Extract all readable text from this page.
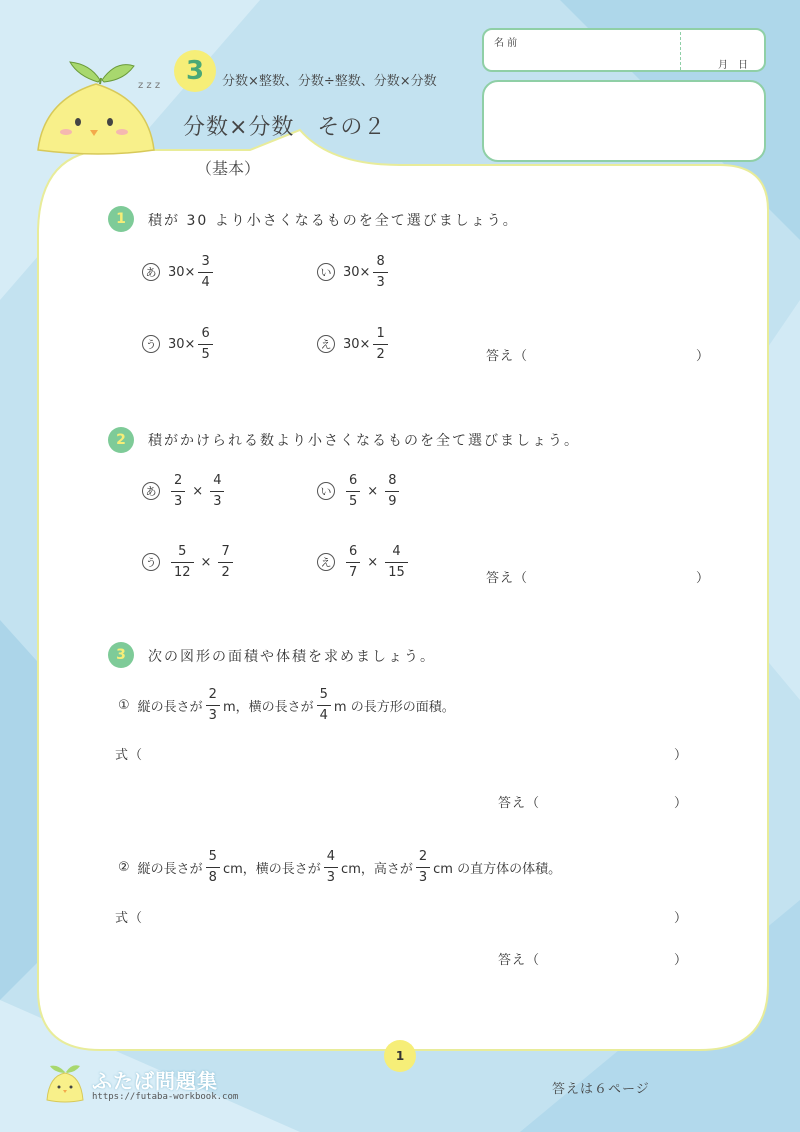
z z z 3	分数×整数、分数÷整数、分数×分数
分数×分数　その２
（基本）
名 前
月　日
1	積が 30 より小さくなるものを全て選びましょう。
あ $30 \times \frac{3}{4}$	い $30 \times \frac{8}{3}$
う $30 \times \frac{6}{5}$	え $30 \times \frac{1}{2}$	答え（	）
2	積がかけられる数より小さくなるものを全て選びましょう。
あ $\frac{2}{3} \times \frac{4}{3}$	い $\frac{6}{5} \times \frac{8}{9}$
う $\frac{5}{12} \times \frac{7}{2}$	え $\frac{6}{7} \times \frac{4}{15}$	答え（	）
3	次の図形の面積や体積を求めましょう。
① 縦の長さが $\frac{2}{3}$ m，横の長さが $\frac{5}{4}$ m の長方形の面積。
式（	）
答え（	）
② 縦の長さが $\frac{5}{8}$ cm，横の長さが $\frac{4}{3}$ cm，高さが $\frac{2}{3}$ cm の直方体の体積。
式（	）
答え（	）
1
ふたば問題集
https://futaba-workbook.com	答えは６ページ
